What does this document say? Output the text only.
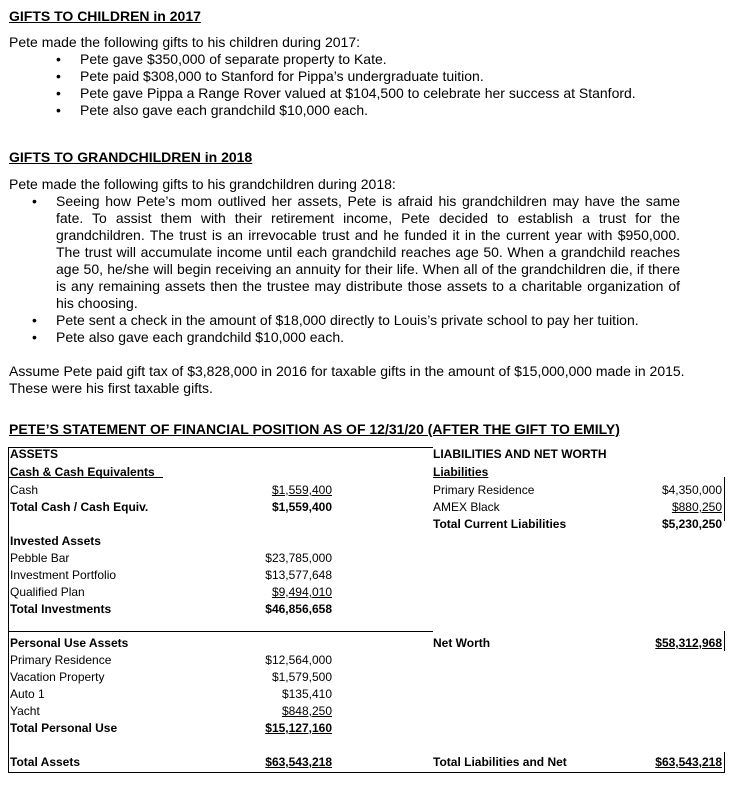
GIFTS TO CHILDREN in 2017
Pete made the following gifts to his children during 2017:
• Pete gave $350,000 of separate property to Kate.
• Pete paid $308,000 to Stanford for Pippa’s undergraduate tuition.
• Pete gave Pippa a Range Rover valued at $104,500 to celebrate her success at Stanford.
• Pete also gave each grandchild $10,000 each.
GIFTS TO GRANDCHILDREN in 2018
Pete made the following gifts to his grandchildren during 2018:
• Seeing how Pete’s mom outlived her assets, Pete is afraid his grandchildren may have the same fate. To assist them with their retirement income, Pete decided to establish a trust for the grandchildren. The trust is an irrevocable trust and he funded it in the current year with $950,000. The trust will accumulate income until each grandchild reaches age 50. When a grandchild reaches age 50, he/she will begin receiving an annuity for their life. When all of the grandchildren die, if there is any remaining assets then the trustee may distribute those assets to a charitable organization of his choosing.
• Pete sent a check in the amount of $18,000 directly to Louis’s private school to pay her tuition.
• Pete also gave each grandchild $10,000 each.
Assume Pete paid gift tax of $3,828,000 in 2016 for taxable gifts in the amount of $15,000,000 made in 2015. These were his first taxable gifts.
PETE’S STATEMENT OF FINANCIAL POSITION AS OF 12/31/20 (AFTER THE GIFT TO EMILY)
ASSETS
Cash & Cash Equivalents
Cash	$1,559,400
Total Cash / Cash Equiv.	$1,559,400
Invested Assets
Pebble Bar	$23,785,000
Investment Portfolio	$13,577,648
Qualified Plan	$9,494,010
Total Investments	$46,856,658
Personal Use Assets
Primary Residence	$12,564,000
Vacation Property	$1,579,500
Auto 1	$135,410
Yacht	$848,250
Total Personal Use	$15,127,160
Total Assets	$63,543,218
LIABILITIES AND NET WORTH
Liabilities
Primary Residence	$4,350,000
AMEX Black	$880,250
Total Current Liabilities	$5,230,250
Net Worth	$58,312,968
Total Liabilities and Net	$63,543,218
